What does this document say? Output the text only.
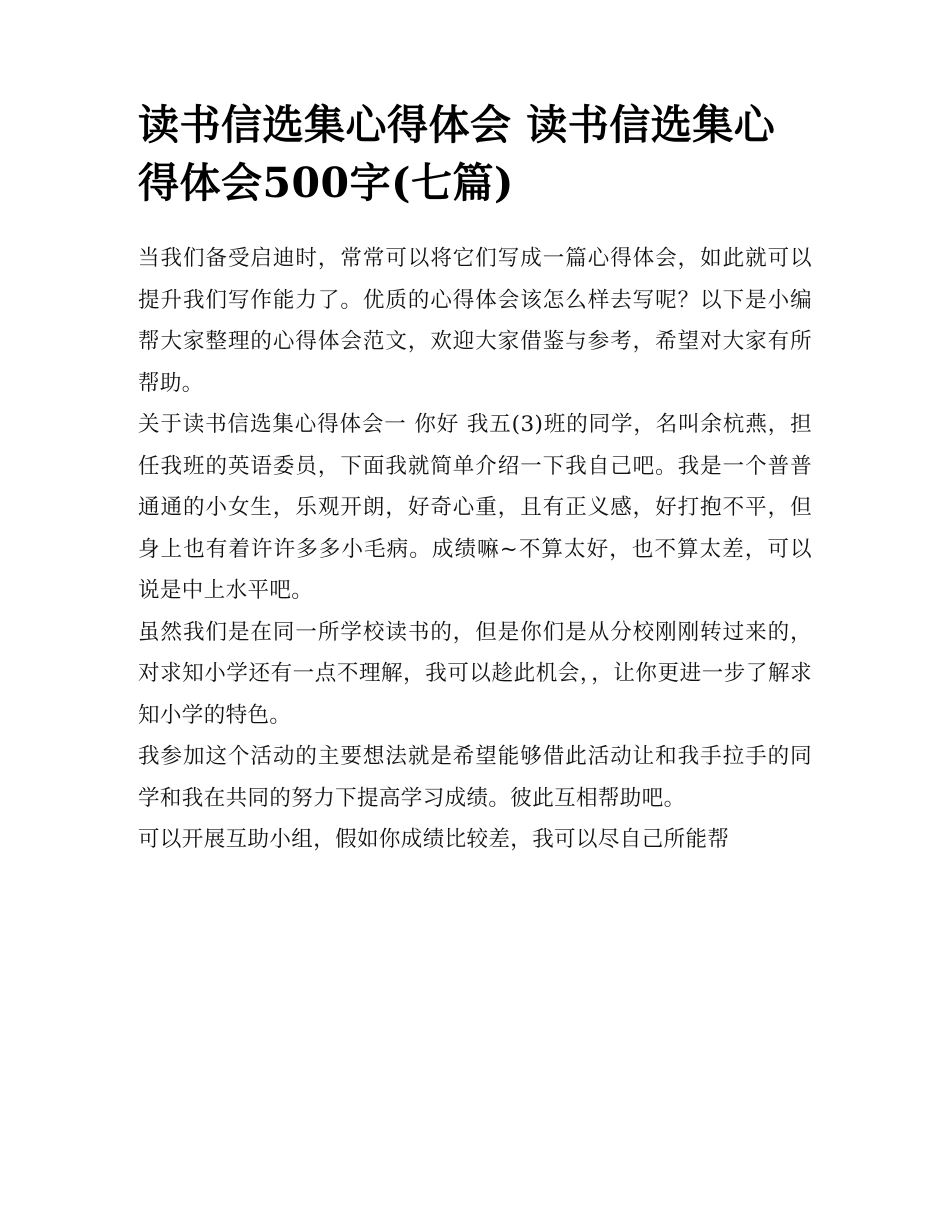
读书信选集心得体会 读书信选集心得体会500字(七篇)

当我们备受启迪时，常常可以将它们写成一篇心得体会，如此就可以提升我们写作能力了。优质的心得体会该怎么样去写呢？以下是小编帮大家整理的心得体会范文，欢迎大家借鉴与参考，希望对大家有所帮助。

关于读书信选集心得体会一 你好 我五(3)班的同学，名叫余杭燕，担任我班的英语委员，下面我就简单介绍一下我自己吧。我是一个普普通通的小女生，乐观开朗，好奇心重，且有正义感，好打抱不平，但身上也有着许许多多小毛病。成绩嘛~不算太好，也不算太差，可以说是中上水平吧。

虽然我们是在同一所学校读书的，但是你们是从分校刚刚转过来的，对求知小学还有一点不理解，我可以趁此机会，，让你更进一步了解求知小学的特色。

我参加这个活动的主要想法就是希望能够借此活动让和我手拉手的同学和我在共同的努力下提高学习成绩。彼此互相帮助吧。

可以开展互助小组，假如你成绩比较差，我可以尽自己所能帮
